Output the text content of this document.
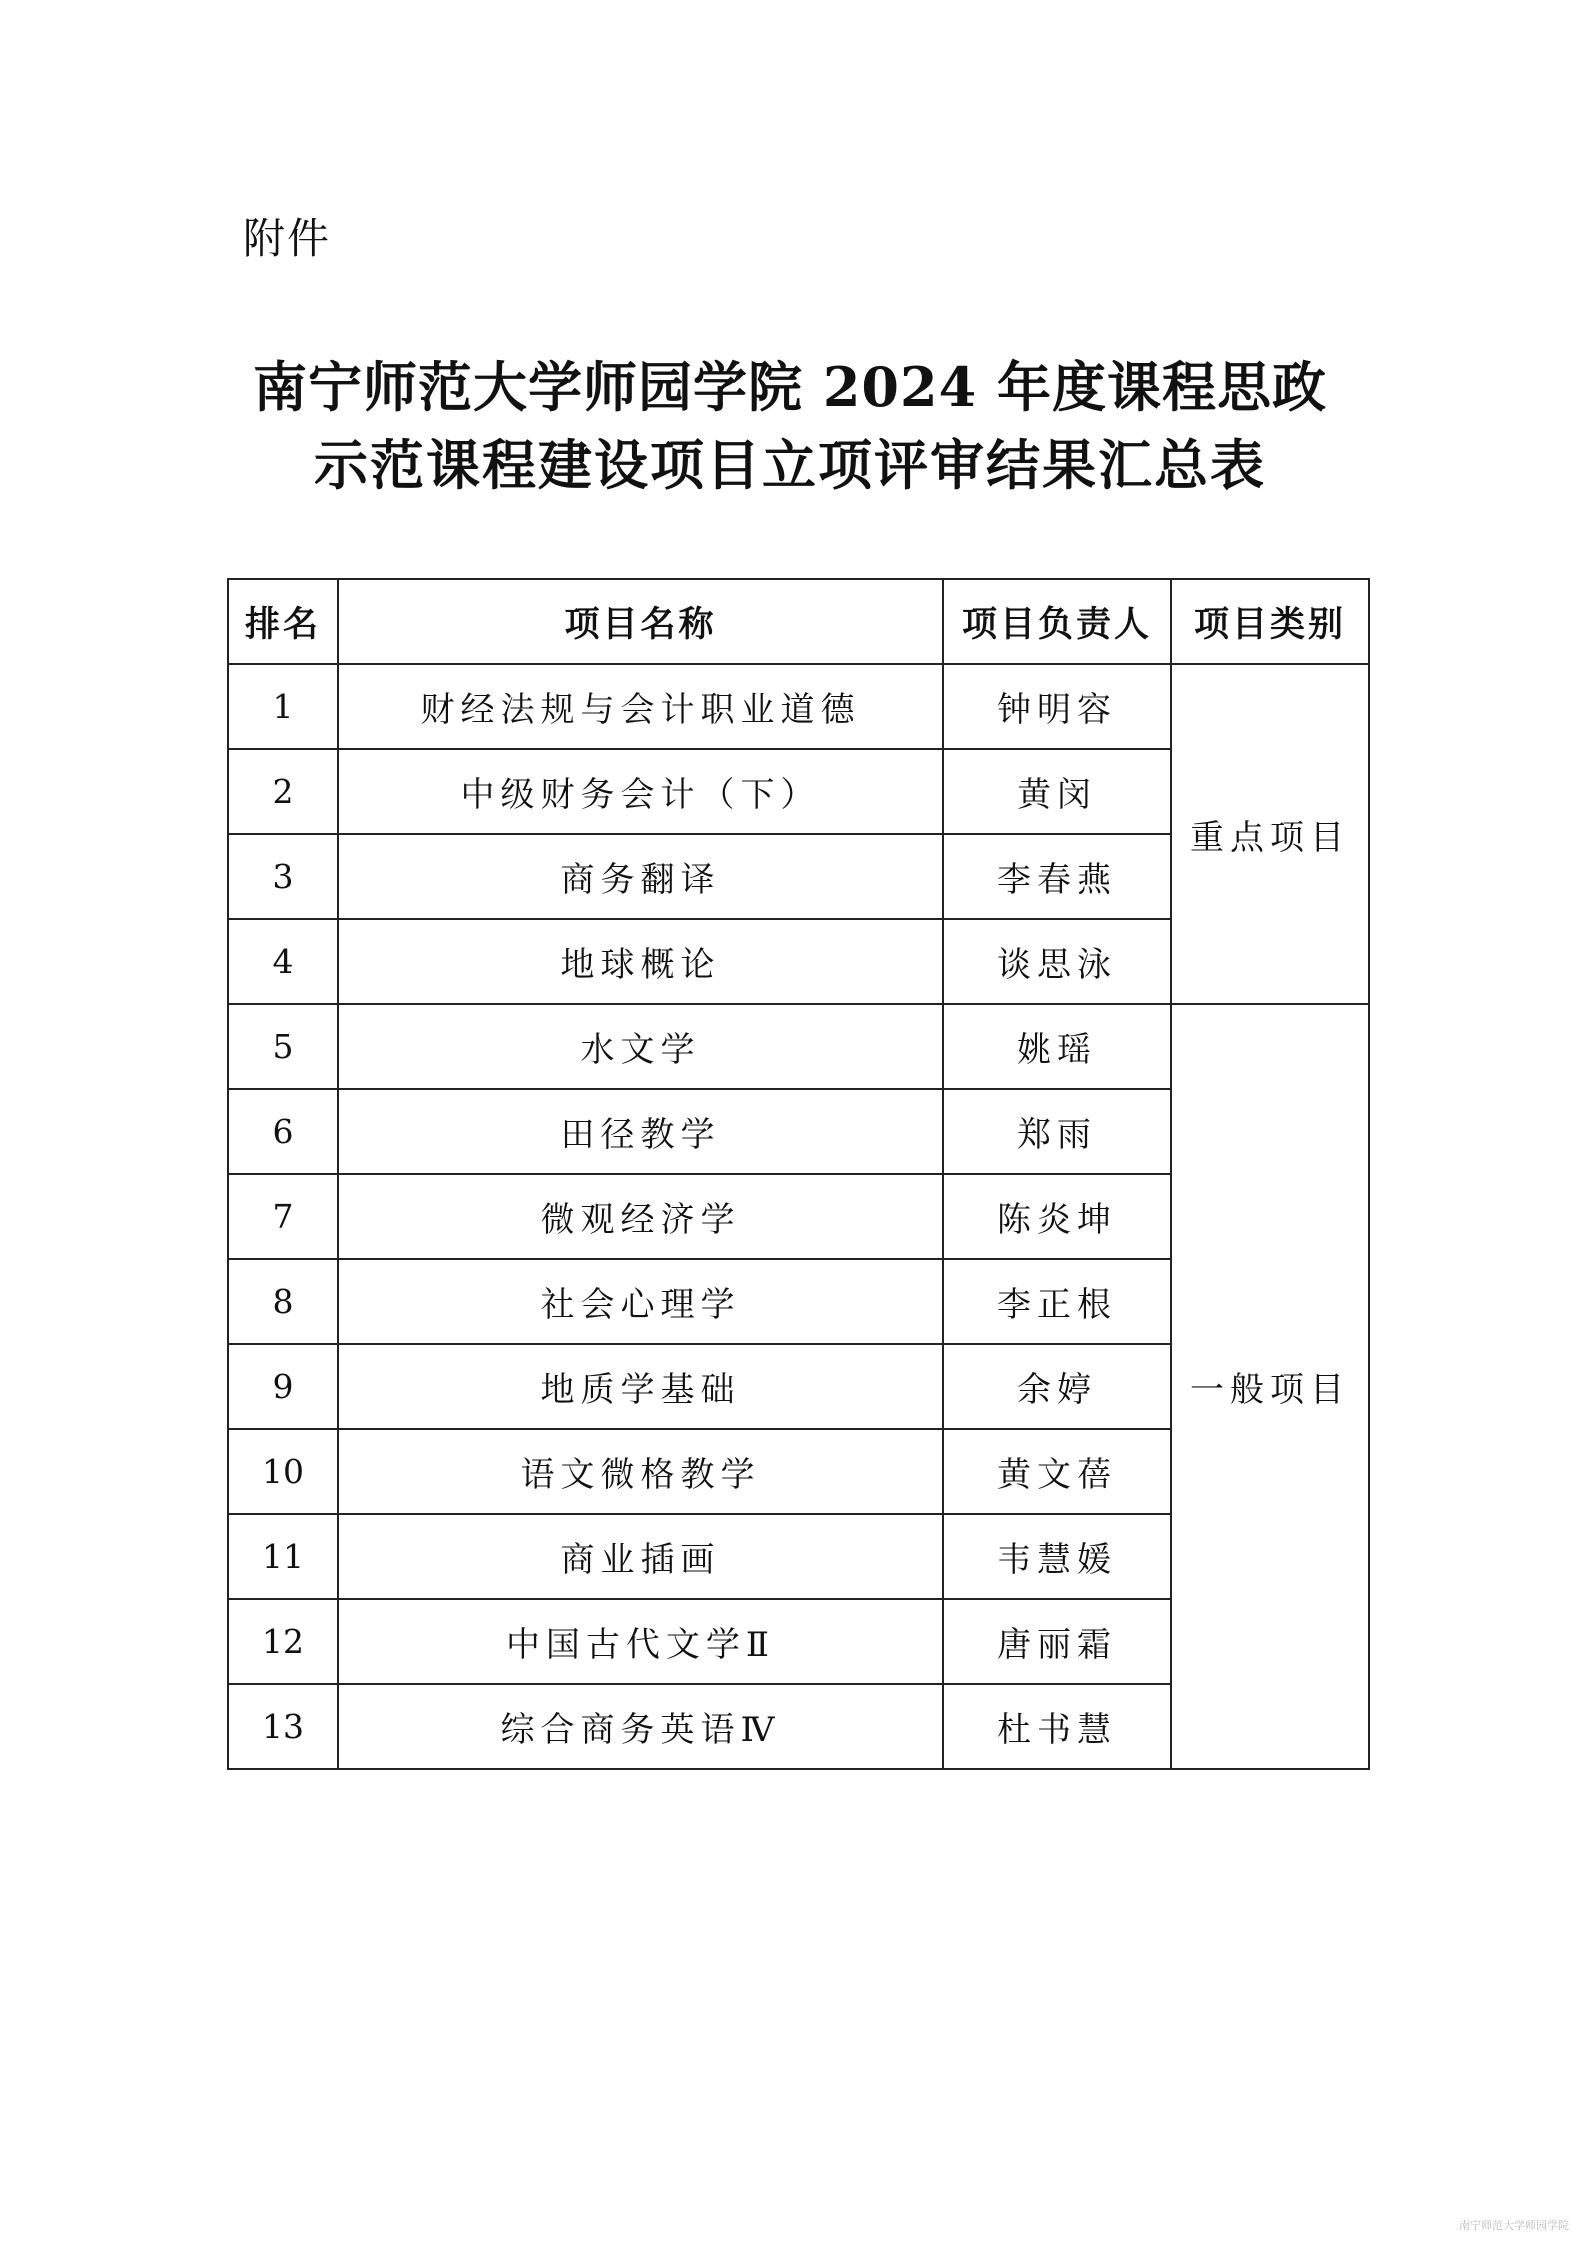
附件
南宁师范大学师园学院 2024 年度课程思政
示范课程建设项目立项评审结果汇总表
排名	项目名称	项目负责人	项目类别
1	财经法规与会计职业道德	钟明容	重点项目
2	中级财务会计（下）	黄闵	
3	商务翻译	李春燕	
4	地球概论	谈思泳	
5	水文学	姚瑶	一般项目
6	田径教学	郑雨	
7	微观经济学	陈炎坤	
8	社会心理学	李正根	
9	地质学基础	余婷	
10	语文微格教学	黄文蓓	
11	商业插画	韦慧媛	
12	中国古代文学Ⅱ	唐丽霜	
13	综合商务英语Ⅳ	杜书慧	
南宁师范大学师园学院
